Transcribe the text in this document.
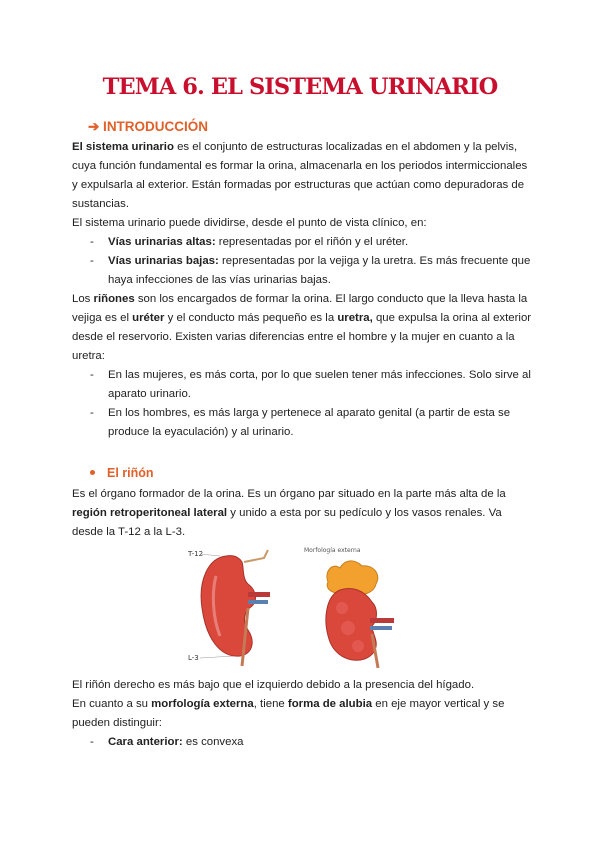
TEMA 6. EL SISTEMA URINARIO
➔ INTRODUCCIÓN

El sistema urinario es el conjunto de estructuras localizadas en el abdomen y la pelvis, cuya función fundamental es formar la orina, almacenarla en los periodos intermiccionales y expulsarla al exterior. Están formadas por estructuras que actúan como depuradoras de sustancias.

El sistema urinario puede dividirse, desde el punto de vista clínico, en:

- Vías urinarias altas: representadas por el riñón y el uréter.
- Vías urinarias bajas: representadas por la vejiga y la uretra. Es más frecuente que haya infecciones de las vías urinarias bajas.

Los riñones son los encargados de formar la orina. El largo conducto que la lleva hasta la vejiga es el uréter y el conducto más pequeño es la uretra, que expulsa la orina al exterior desde el reservorio. Existen varias diferencias entre el hombre y la mujer en cuanto a la uretra:

- En las mujeres, es más corta, por lo que suelen tener más infecciones. Solo sirve al aparato urinario.
- En los hombres, es más larga y pertenece al aparato genital (a partir de esta se produce la eyaculación) y al urinario.
El riñón

Es el órgano formador de la orina. Es un órgano par situado en la parte más alta de la región retroperitoneal lateral y unido a esta por su pedículo y los vasos renales. Va desde la T-12 a la L-3.

T-12
L-3
Morfología externa

El riñón derecho es más bajo que el izquierdo debido a la presencia del hígado.

En cuanto a su morfología externa, tiene forma de alubia en eje mayor vertical y se pueden distinguir:

- Cara anterior: es convexa
